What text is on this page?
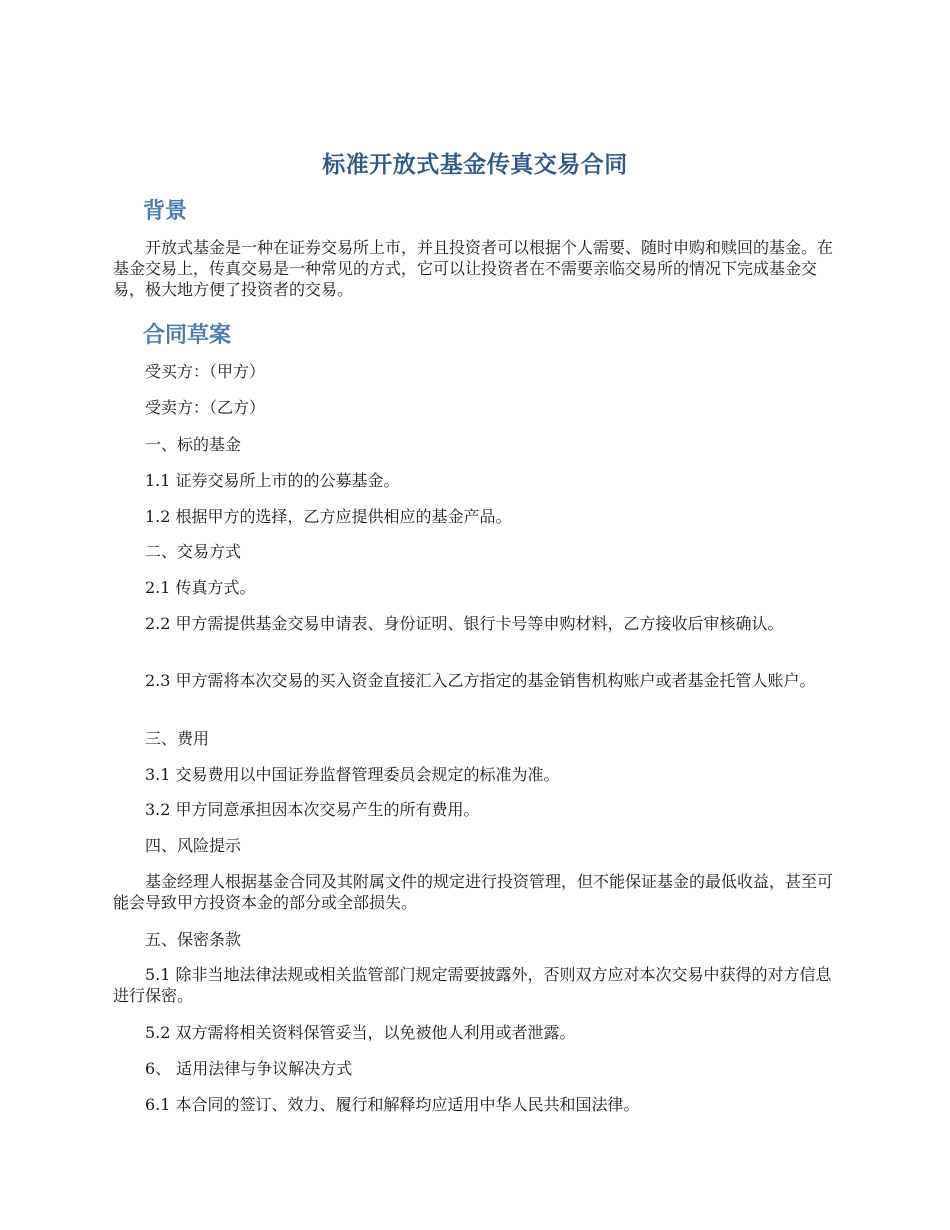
标准开放式基金传真交易合同
背景

开放式基金是一种在证券交易所上市，并且投资者可以根据个人需要、随时申购和赎回的基金。在基金交易上，传真交易是一种常见的方式，它可以让投资者在不需要亲临交易所的情况下完成基金交易，极大地方便了投资者的交易。

合同草案

受买方：（甲方）

受卖方：（乙方）

一、标的基金

1.1 证券交易所上市的的公募基金。

1.2 根据甲方的选择，乙方应提供相应的基金产品。

二、交易方式

2.1 传真方式。

2.2 甲方需提供基金交易申请表、身份证明、银行卡号等申购材料，乙方接收后审核确认。

2.3 甲方需将本次交易的买入资金直接汇入乙方指定的基金销售机构账户或者基金托管人账户。

三、费用

3.1 交易费用以中国证券监督管理委员会规定的标准为准。

3.2 甲方同意承担因本次交易产生的所有费用。

四、风险提示

基金经理人根据基金合同及其附属文件的规定进行投资管理，但不能保证基金的最低收益，甚至可能会导致甲方投资本金的部分或全部损失。

五、保密条款

5.1 除非当地法律法规或相关监管部门规定需要披露外，否则双方应对本次交易中获得的对方信息进行保密。

5.2 双方需将相关资料保管妥当，以免被他人利用或者泄露。

6、 适用法律与争议解决方式

6.1 本合同的签订、效力、履行和解释均应适用中华人民共和国法律。
